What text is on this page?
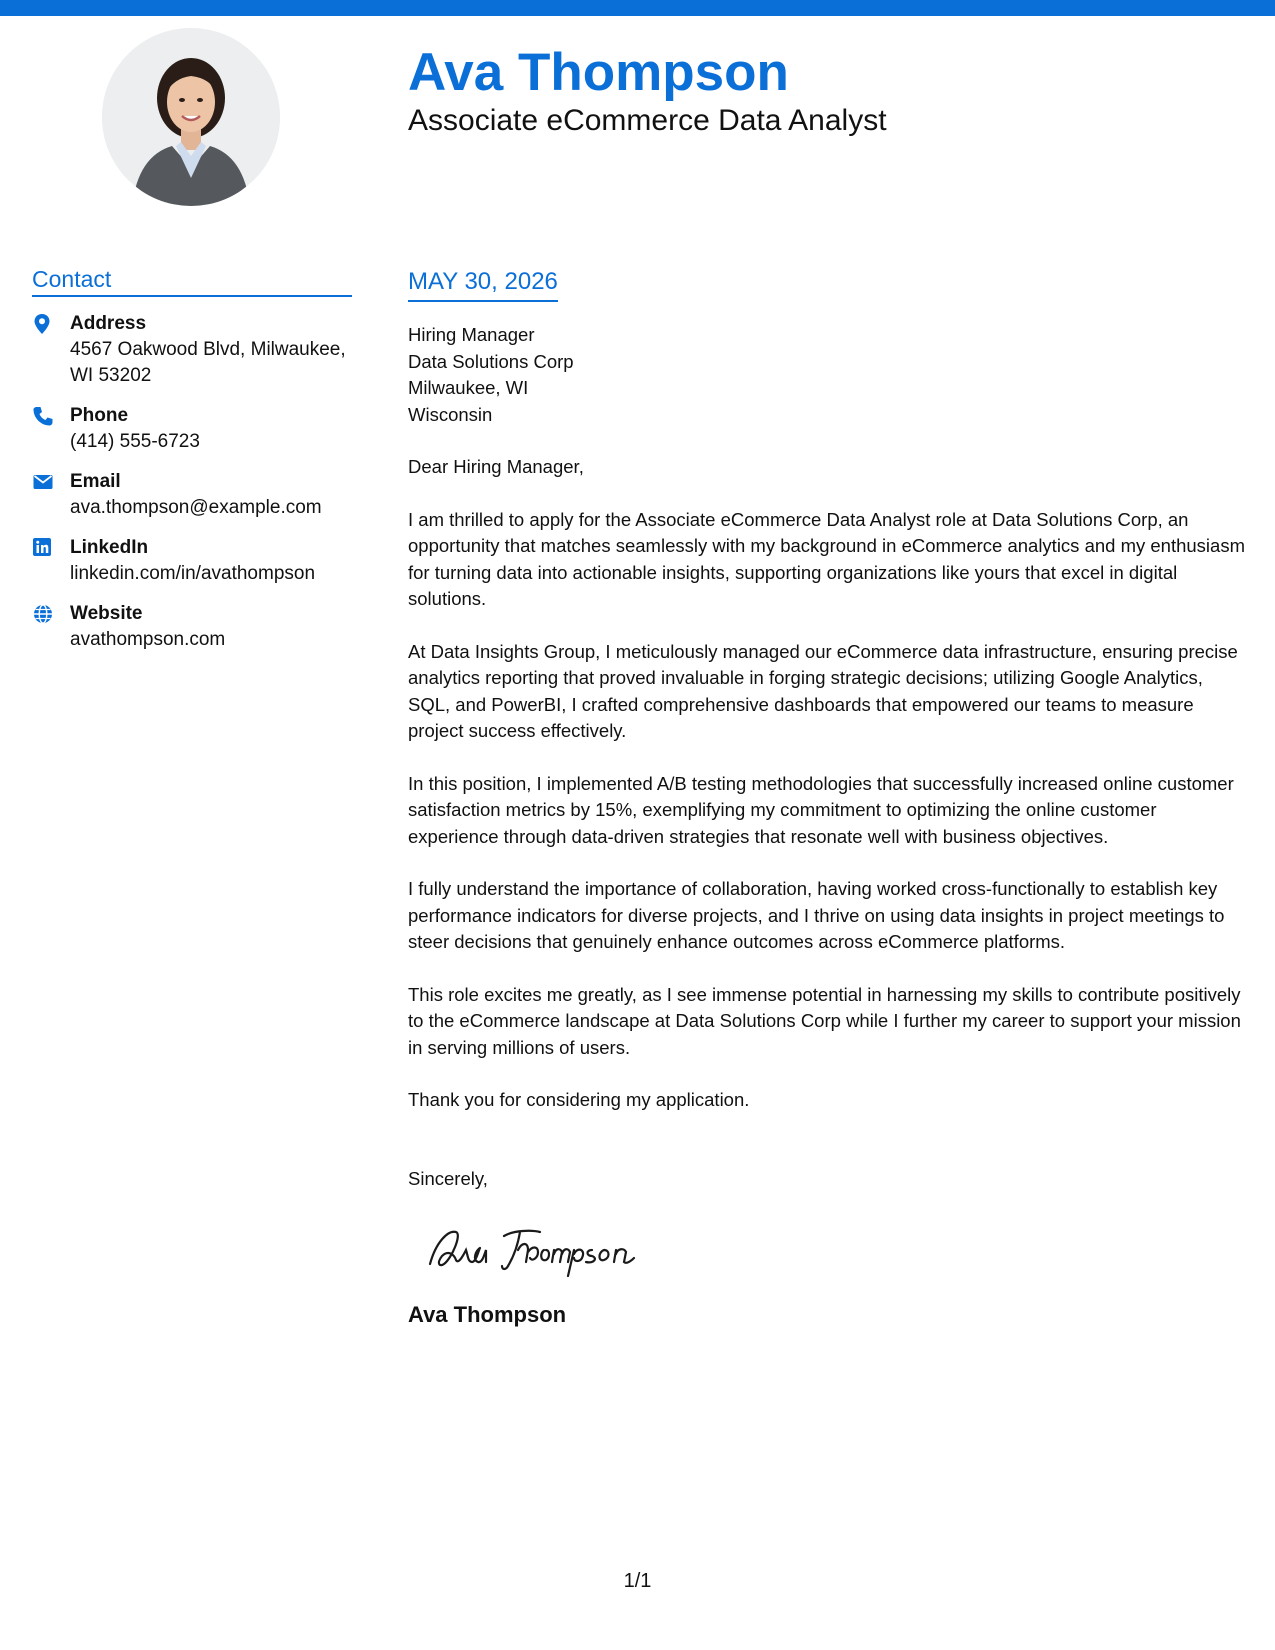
Ava Thompson
Associate eCommerce Data Analyst
Contact
Address
4567 Oakwood Blvd, Milwaukee,
WI 53202
Phone
(414) 555-6723
Email
ava.thompson@example.com
LinkedIn
linkedin.com/in/avathompson
Website
avathompson.com
MAY 30, 2026
Hiring Manager
Data Solutions Corp
Milwaukee, WI
Wisconsin
Dear Hiring Manager,
I am thrilled to apply for the Associate eCommerce Data Analyst role at Data Solutions Corp, an opportunity that matches seamlessly with my background in eCommerce analytics and my enthusiasm for turning data into actionable insights, supporting organizations like yours that excel in digital solutions.
At Data Insights Group, I meticulously managed our eCommerce data infrastructure, ensuring precise analytics reporting that proved invaluable in forging strategic decisions; utilizing Google Analytics, SQL, and PowerBI, I crafted comprehensive dashboards that empowered our teams to measure project success effectively.
In this position, I implemented A/B testing methodologies that successfully increased online customer satisfaction metrics by 15%, exemplifying my commitment to optimizing the online customer experience through data-driven strategies that resonate well with business objectives.
I fully understand the importance of collaboration, having worked cross-functionally to establish key performance indicators for diverse projects, and I thrive on using data insights in project meetings to steer decisions that genuinely enhance outcomes across eCommerce platforms.
This role excites me greatly, as I see immense potential in harnessing my skills to contribute positively to the eCommerce landscape at Data Solutions Corp while I further my career to support your mission in serving millions of users.
Thank you for considering my application.
Sincerely,
Ava Thompson
1/1
